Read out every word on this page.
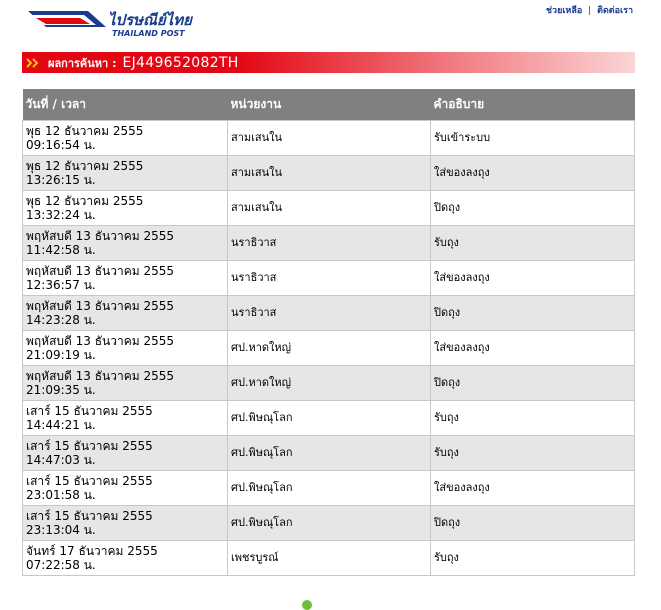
ไปรษณีย์ไทย
THAILAND POST
ช่วยเหลือ | ติดต่อเรา
ผลการค้นหา : EJ449652082TH
วันที่ / เวลา	หน่วยงาน	คำอธิบาย

พุธ 12 ธันวาคม 2555
09:16:54 น.	สามเสนใน	รับเข้าระบบ

พุธ 12 ธันวาคม 2555
13:26:15 น.	สามเสนใน	ใส่ของลงถุง

พุธ 12 ธันวาคม 2555
13:32:24 น.	สามเสนใน	ปิดถุง

พฤหัสบดี 13 ธันวาคม 2555
11:42:58 น.	นราธิวาส	รับถุง

พฤหัสบดี 13 ธันวาคม 2555
12:36:57 น.	นราธิวาส	ใส่ของลงถุง

พฤหัสบดี 13 ธันวาคม 2555
14:23:28 น.	นราธิวาส	ปิดถุง

พฤหัสบดี 13 ธันวาคม 2555
21:09:19 น.	ศป.หาดใหญ่	ใส่ของลงถุง

พฤหัสบดี 13 ธันวาคม 2555
21:09:35 น.	ศป.หาดใหญ่	ปิดถุง

เสาร์ 15 ธันวาคม 2555
14:44:21 น.	ศป.พิษณุโลก	รับถุง

เสาร์ 15 ธันวาคม 2555
14:47:03 น.	ศป.พิษณุโลก	รับถุง

เสาร์ 15 ธันวาคม 2555
23:01:58 น.	ศป.พิษณุโลก	ใส่ของลงถุง

เสาร์ 15 ธันวาคม 2555
23:13:04 น.	ศป.พิษณุโลก	ปิดถุง

จันทร์ 17 ธันวาคม 2555
07:22:58 น.	เพชรบูรณ์	รับถุง
